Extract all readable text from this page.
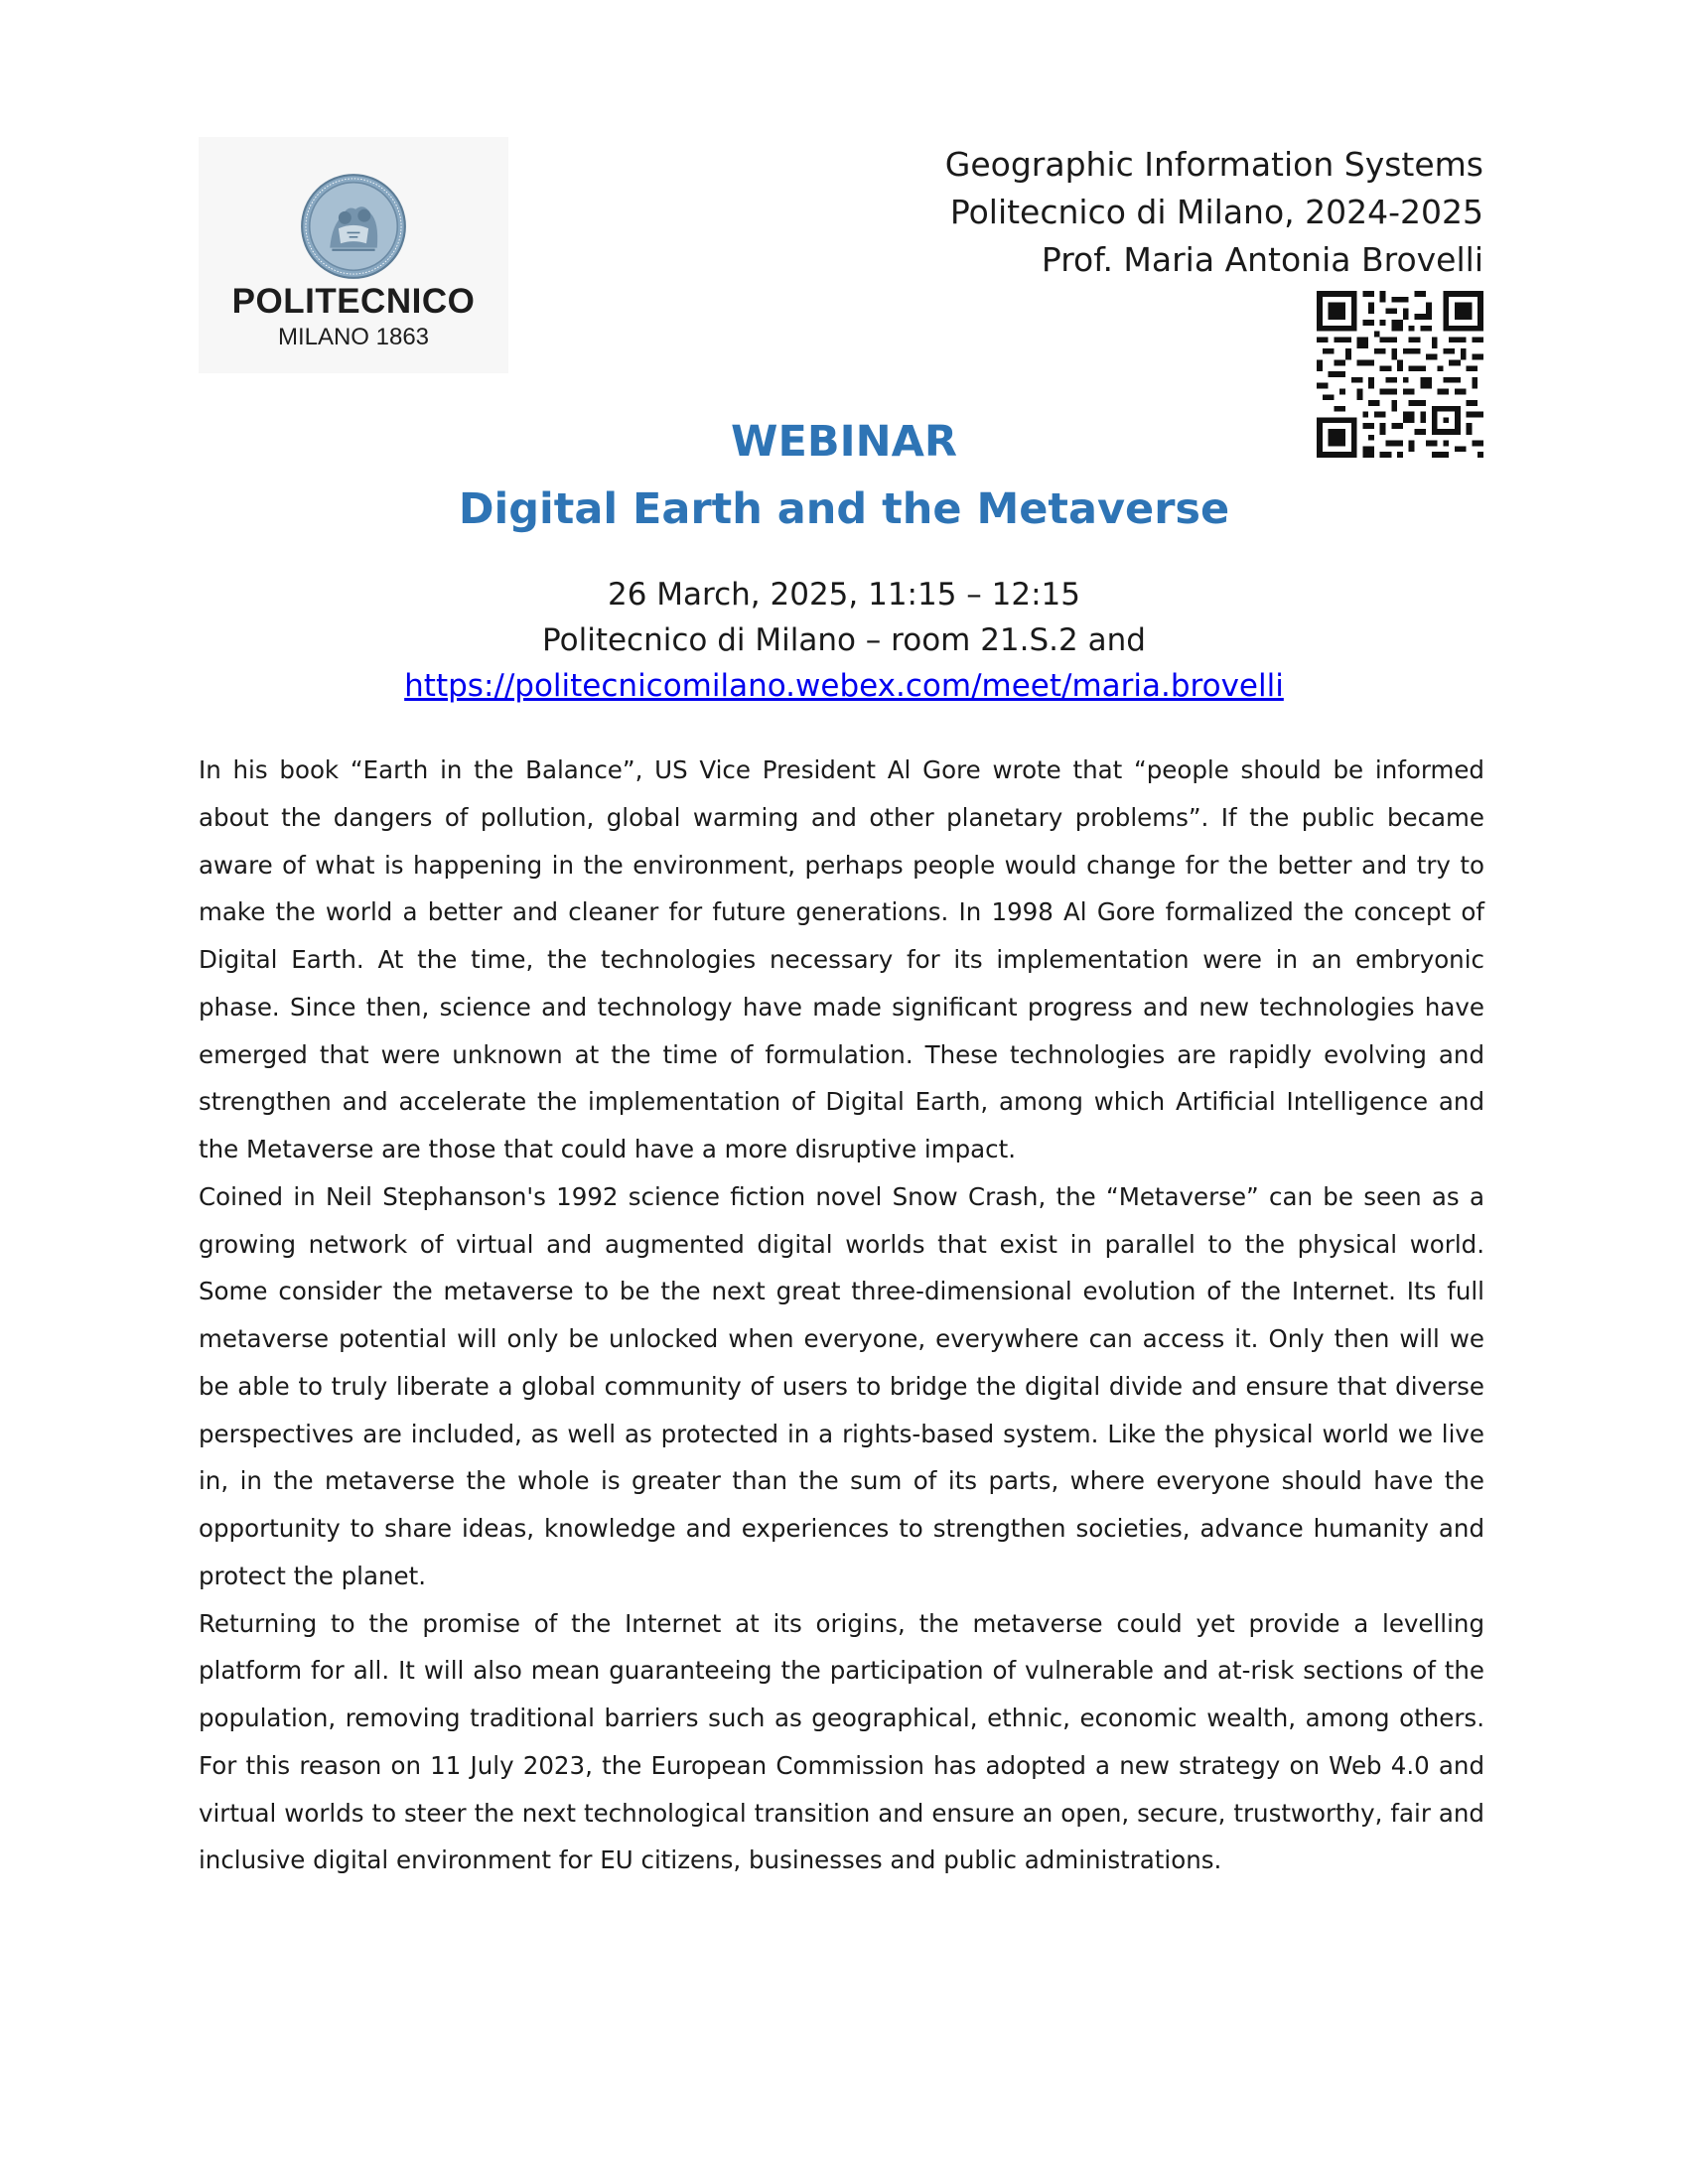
POLITECNICO
MILANO 1863
Geographic Information Systems
Politecnico di Milano, 2024-2025
Prof. Maria Antonia Brovelli
WEBINAR
Digital Earth and the Metaverse
26 March, 2025, 11:15 – 12:15
Politecnico di Milano – room 21.S.2 and
https://politecnicomilano.webex.com/meet/maria.brovelli

In his book “Earth in the Balance”, US Vice President Al Gore wrote that “people should be informed about the dangers of pollution, global warming and other planetary problems”. If the public became aware of what is happening in the environment, perhaps people would change for the better and try to make the world a better and cleaner for future generations. In 1998 Al Gore formalized the concept of Digital Earth. At the time, the technologies necessary for its implementation were in an embryonic phase. Since then, science and technology have made significant progress and new technologies have emerged that were unknown at the time of formulation. These technologies are rapidly evolving and strengthen and accelerate the implementation of Digital Earth, among which Artificial Intelligence and the Metaverse are those that could have a more disruptive impact.

Coined in Neil Stephanson's 1992 science fiction novel Snow Crash, the “Metaverse” can be seen as a growing network of virtual and augmented digital worlds that exist in parallel to the physical world. Some consider the metaverse to be the next great three-dimensional evolution of the Internet. Its full metaverse potential will only be unlocked when everyone, everywhere can access it. Only then will we be able to truly liberate a global community of users to bridge the digital divide and ensure that diverse perspectives are included, as well as protected in a rights-based system. Like the physical world we live in, in the metaverse the whole is greater than the sum of its parts, where everyone should have the opportunity to share ideas, knowledge and experiences to strengthen societies, advance humanity and protect the planet.

Returning to the promise of the Internet at its origins, the metaverse could yet provide a levelling platform for all. It will also mean guaranteeing the participation of vulnerable and at-risk sections of the population, removing traditional barriers such as geographical, ethnic, economic wealth, among others. For this reason on 11 July 2023, the European Commission has adopted a new strategy on Web 4.0 and virtual worlds to steer the next technological transition and ensure an open, secure, trustworthy, fair and inclusive digital environment for EU citizens, businesses and public administrations.
